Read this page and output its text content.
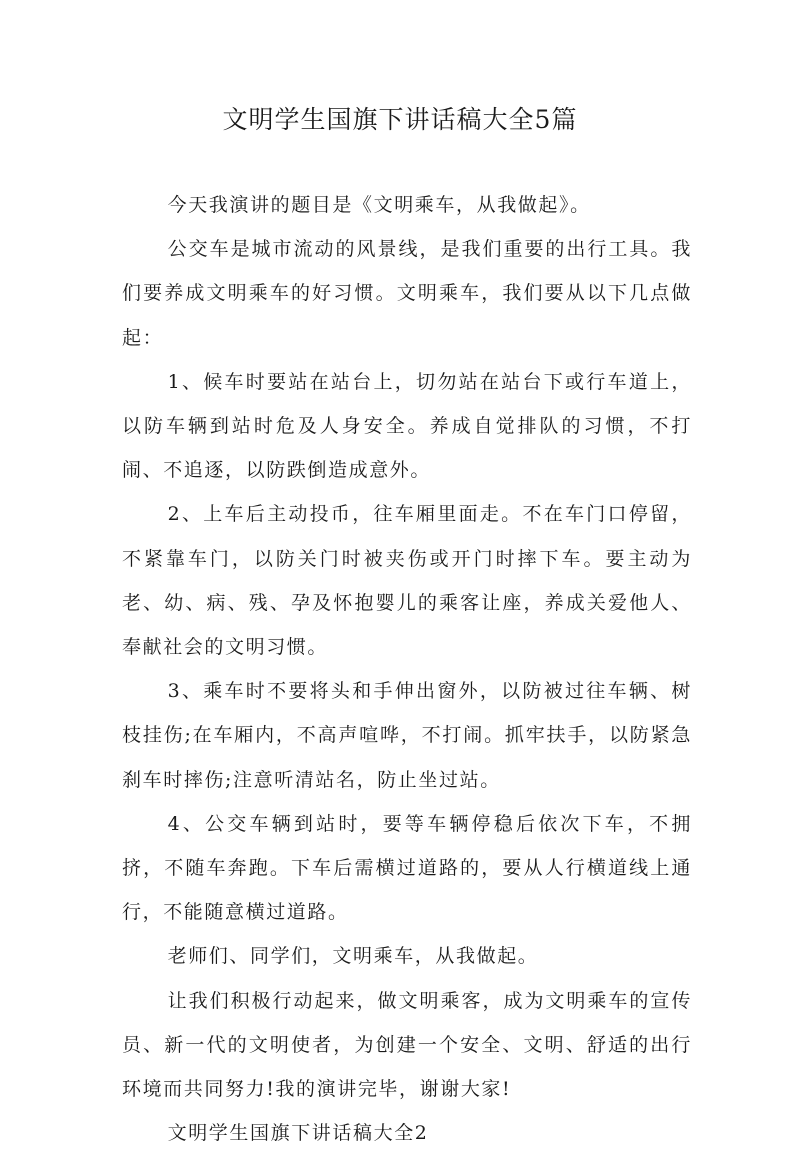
文明学生国旗下讲话稿大全5篇

今天我演讲的题目是《文明乘车，从我做起》。

公交车是城市流动的风景线，是我们重要的出行工具。我们要养成文明乘车的好习惯。文明乘车，我们要从以下几点做起：

1、候车时要站在站台上，切勿站在站台下或行车道上，以防车辆到站时危及人身安全。养成自觉排队的习惯，不打闹、不追逐，以防跌倒造成意外。

2、上车后主动投币，往车厢里面走。不在车门口停留，不紧靠车门，以防关门时被夹伤或开门时摔下车。要主动为老、幼、病、残、孕及怀抱婴儿的乘客让座，养成关爱他人、奉献社会的文明习惯。

3、乘车时不要将头和手伸出窗外，以防被过往车辆、树枝挂伤;在车厢内，不高声喧哗，不打闹。抓牢扶手，以防紧急刹车时摔伤;注意听清站名，防止坐过站。

4、公交车辆到站时，要等车辆停稳后依次下车，不拥挤，不随车奔跑。下车后需横过道路的，要从人行横道线上通行，不能随意横过道路。

老师们、同学们，文明乘车，从我做起。

让我们积极行动起来，做文明乘客，成为文明乘车的宣传员、新一代的文明使者，为创建一个安全、文明、舒适的出行环境而共同努力!我的演讲完毕，谢谢大家!

文明学生国旗下讲话稿大全2
